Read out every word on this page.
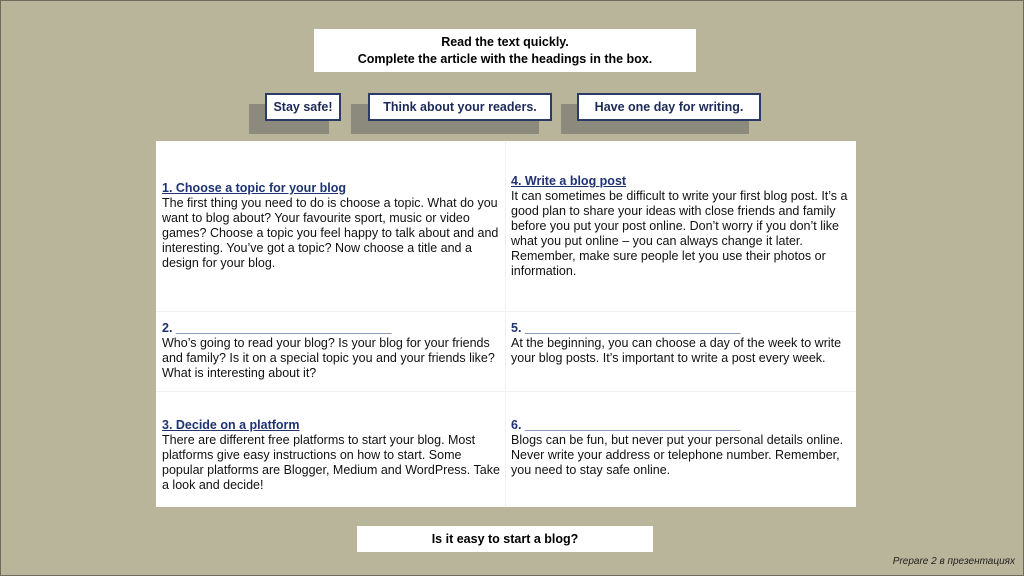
Read the text quickly.
Complete the article with the headings in the box.
Stay safe!	Think about your readers.	Have one day for writing.
1. Choose a topic for your blog

The first thing you need to do is choose a topic. What do you want to blog about? Your favourite sport, music or video games? Choose a topic you feel happy to talk about and and interesting. You’ve got a topic? Now choose a title and a design for your blog.

4. Write a blog post

It can sometimes be difficult to write your first blog post. It’s a good plan to share your ideas with close friends and family before you put your post online. Don’t worry if you don’t like what you put online – you can always change it later. Remember, make sure people let you use their photos or information.

2. _______________________________

Who’s going to read your blog? Is your blog for your friends and family? Is it on a special topic you and your friends like? What is interesting about it?

5. _______________________________

At the beginning, you can choose a day of the week to write your blog posts. It’s important to write a post every week.

3. Decide on a platform

There are different free platforms to start your blog. Most platforms give easy instructions on how to start. Some popular platforms are Blogger, Medium and WordPress. Take a look and decide!

6. _______________________________

Blogs can be fun, but never put your personal details online. Never write your address or telephone number. Remember, you need to stay safe online.

Is it easy to start a blog?
Prepare 2 в презентациях
